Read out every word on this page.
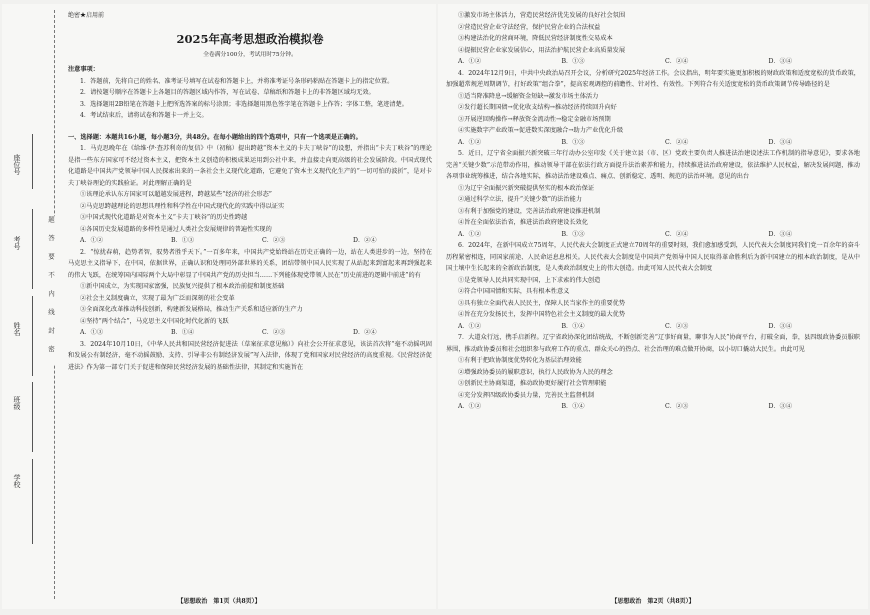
座位号
考号
姓名
班级
学校
题答要不内线封密
绝密★启用前
2025年高考思想政治模拟卷
全卷满分100分，考试用时75分钟。
注意事项：

1．答题前，先将自己的姓名、准考证号填写在试卷和答题卡上，并将准考证号条形码粘贴在答题卡上的指定位置。

2．请按题号顺序在答题卡上各题目的答题区域内作答，写在试卷、草稿纸和答题卡上的非答题区域均无效。

3．选择题用2B铅笔在答题卡上把所选答案的标号涂黑；非选择题用黑色签字笔在答题卡上作答；字体工整，笔迹清楚。

4．考试结束后，请将试卷和答题卡一并上交。

一、选择题：本题共16小题，每小题3分，共48分。在每小题给出的四个选项中，只有一个选项是正确的。

1．马克思晚年在《给维·伊·查苏利奇的复信》中（初稿）提出跨越“资本主义的卡夫丁峡谷”的设想，并指出“卡夫丁峡谷”的理论是指一些东方国家可不经过资本主义，把资本主义创造的积极成果运用到公社中来，并直接走向更高级的社会发展阶段。中国式现代化道路是中国共产党领导中国人民探索出来的一条社会主义现代化道路，它避免了资本主义现代化生产的“一切可怕的波折”，是对卡夫丁峡谷理论的实践验证。对此理解正确的是

①该理论承认东方国家可以超越发展进程，跨越某些“经济的社会形态”

②马克思跨越理论的思想具理性和科学性在中国式现代化的实践中得以证实

③中国式现代化道路是对资本主义“卡夫丁峡谷”的历史性跨越

④各国历史发展道路的多样性是通过人类社会发展规律的普遍性实现的

A．①②	B．①③	C．②③	D．②④

2．“惊扰春萌，趋势者智，驭势者胜乎天下。”一百多年来，中国共产党始终站在历史正确的一边，站在人类进步的一边，坚持在马克思主义指导下，在中国，依据世界，正确认识和处理同外部世界的关系，团结带领中国人民实现了从站起来到富起来再到强起来的伟大飞跃，在统筹国内国际两个大局中彰显了中国共产党的历史担当……下列能体现党带领人民在“历史前进的逻辑中前进”的有

①新中国成立，为实现国家富强，民族复兴提供了根本政治前提和制度基础

②社会主义制度确立，实现了最为广泛而深刻的社会变革

③全面深化改革推动科技创新，构建新发展格局，推动生产关系和适应新的生产力

④坚持“两个结合”，马克思主义中国化时代化新的飞跃

A．①③	B．①④	C．②③	D．②④

3．2024年10月10日，《中华人民共和国民营经济促进法（草案征求意见稿）》向社会公开征求意见，该法首次将“毫不动摇巩固和发展公有制经济，毫不动摇鼓励、支持、引导非公有制经济发展”写入法律，体现了党和国家对民营经济的高度重视。《民营经济促进法》作为第一部专门关于促进和保障民营经济发展的基础性法律，其制定和实施旨在

【思想政治　第1页（共8页）】

①激发市场主体活力，营造民营经济优先发展的良好社会氛围

②营造民营企业守法经营，保护民营企业的合法权益

③构建法治化的营商环境，降低民营经济制度性交易成本

④提振民营企业家发展信心，用法治护航民营企业高质量发展

A．①②	B．①③	C．②④	D．③④

4．2024年12月9日，中共中央政治局召开会议，分析研究2025年经济工作。会议指出，明年要实施更加积极的财政政策和适度宽松的货币政策，加强超常规逆周期调节，打好政策“组合拳”，提高宏观调控的前瞻性、针对性、有效性。下列符合有关适度宽松的货币政策调节传导路径的是

①适当降准降息→缓解资金短缺→激发市场主体活力

②发行超长期国债→优化收支结构→推动经济持续回升向好

③开展逆回购操作→释放资金流动性→稳定金融市场预期

④实施数字产业政策→促进数实深度融合→助力产业优化升级

A．①②	B．①③	C．②④	D．③④

5．近日，辽宁省全面振兴新突破三年行动办公室印发《关于建立县（市、区）党政主要负责人推进法治建设述法工作机制的指导意见》，要求各地完善“关键少数”示范带动作用，推动领导干部在依法行政方面提升法治素养和能力，持续推进法治政府建设，依法维护人民权益，解决发展问题，推动各项事业统筹推进，结合各地实际，推动法治建设难点、痛点、创新稳定、透明、规范的法治环境。意见的出台

①为辽宁全面振兴新突破提供坚实的根本政治保证

②通过科学立法，提升“关键少数”的法治能力

③有利于加强党的建设，完善法治政府建设推进机制

④旨在全面依法治省，推进法治政府建设长效化

A．①②	B．①③	C．②④	D．③④

6．2024年，在新中国成立75周年，人民代表大会制度正式建立70周年的重要时刻，我们愈加感受到，人民代表大会制度同我们党一百余年的奋斗历程紧密相连，同国家前途、人民命运息息相关。人民代表大会制度是中国共产党领导中国人民取得革命胜利后为新中国建立的根本政治制度，是从中国土壤中生长起来的全新政治制度，是人类政治制度史上的伟大创造。由此可知人民代表大会制度

①是党领导人民共同实现中国，上下求索的伟大创造

②符合中国国情和实际，具有根本性意义

③具有独立全面代表人民民主，保障人民当家作主的重要优势

④旨在充分发扬民主，发挥中国特色社会主义制度的最大优势

A．①②	B．①④	C．②③	D．③④

7．大道众行远，携手启新程。辽宁省政协深化团结统战，不断创新完善“辽事好商量，聊事为人民”协商平台，打破全面，拳，县四级政协委员服职界围，推动政协委员和社会组织参与政府工作的重点、群众关心的热点、社会治理的难点做开协商，以小切口撬动大民生。由此可见

①有利于把政协制度优势转化为基层治理效能

②增强政协委员的履职意识，执行人民政协为人民的理念

③创新民主协商渠道，推动政协更好履行社会管理职能

④充分发挥四级政协委员力量，完善民主监督机制

A．①②	B．①④	C．②③	D．③④
【思想政治　第2页（共8页）】
